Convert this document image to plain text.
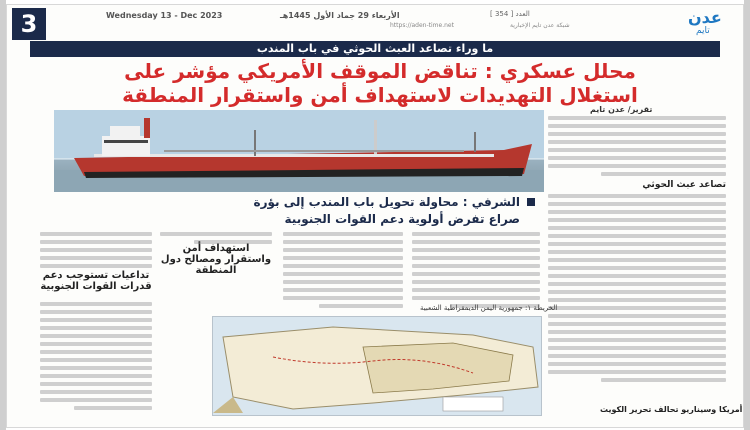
3	Wednesday 13 - Dec 2023	الأربعاء 29 جماد الأول 1445هـ
https://aden-time.net
العدد [ 354 ]
شبكة عدن تايم الإخبارية	عدن
تايم
ما وراء تصاعد العبث الحوثي في باب المندب
محلل عسكري : تناقض الموقف الأمريكي مؤشر على
استغلال التهديدات لاستهداف أمن واستقرار المنطقة
تقرير/ عدن تايم
الشرفي : محاولة تحويل باب المندب إلى بؤرة
صراع تفرض أولوية دعم القوات الجنوبية
تصاعد عبث الحوثي
استهداف أمن واستقرار ومصالح دول المنطقة
تداعيات تستوجب دعم قدرات القوات الجنوبية
الخريطة ١: جمهورية اليمن الديمقراطية الشعبية
أمريكا وسيناريو تحالف تحرير الكويت
